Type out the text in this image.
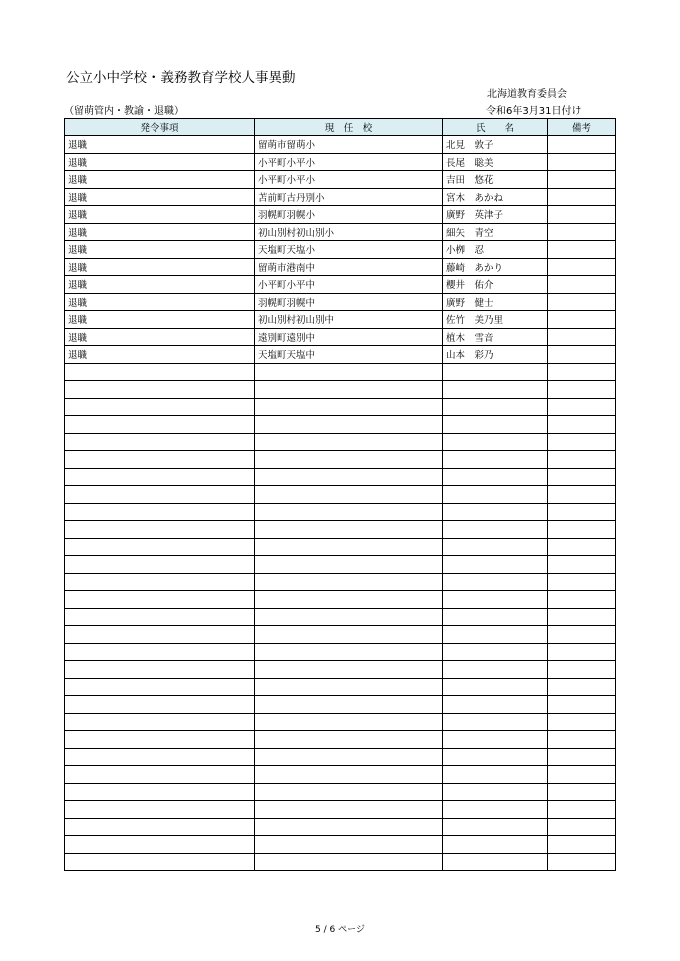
公立小中学校・義務教育学校人事異動
北海道教育委員会
（留萌管内・教諭・退職）	令和6年3月31日付け
発令事項	現　任　校	氏　　名	備考
退職	留萌市留萌小	北見　敦子	
退職	小平町小平小	長尾　聡美	
退職	小平町小平小	吉田　悠花	
退職	苫前町古丹別小	宮木　あかね	
退職	羽幌町羽幌小	廣野　英津子	
退職	初山別村初山別小	細矢　青空	
退職	天塩町天塩小	小栁　忍	
退職	留萌市港南中	藤崎　あかり	
退職	小平町小平中	櫻井　佑介	
退職	羽幌町羽幌中	廣野　健士	
退職	初山別村初山別中	佐竹　美乃里	
退職	遠別町遠別中	植木　雪音	
退職	天塩町天塩中	山本　彩乃	

5 / 6 ページ
